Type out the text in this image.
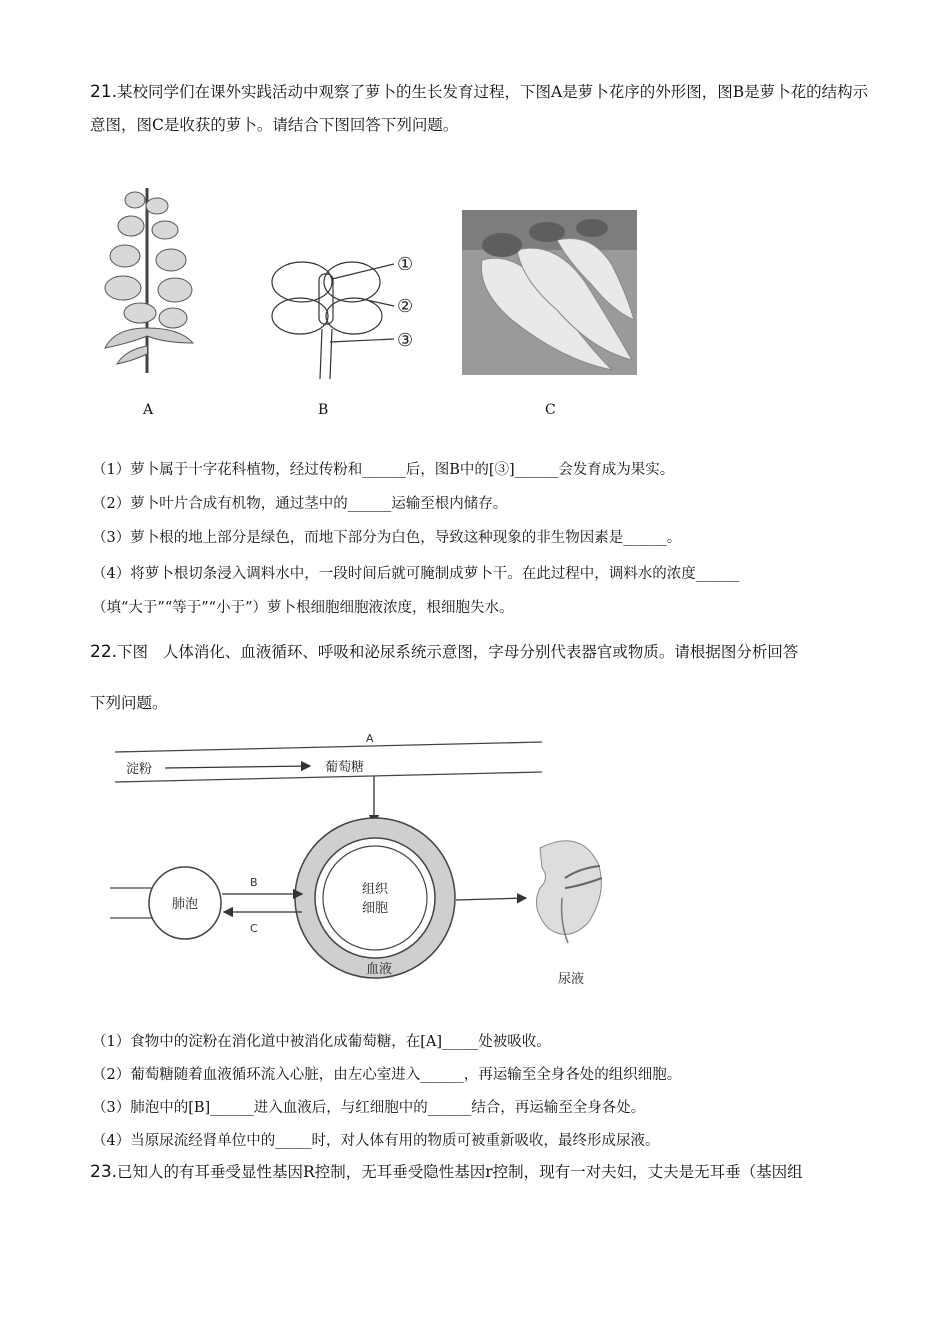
21.某校同学们在课外实践活动中观察了萝卜的生长发育过程，下图A是萝卜花序的外形图，图B是萝卜花的结构示意图，图C是收获的萝卜。请结合下图回答下列问题。
A
①
②
③
B	C
（1）萝卜属于十字花科植物，经过传粉和______后，图B中的[③]______会发育成为果实。
（2）萝卜叶片合成有机物，通过茎中的______运输至根内储存。
（3）萝卜根的地上部分是绿色，而地下部分为白色，导致这种现象的非生物因素是______。
（4）将萝卜根切条浸入调料水中，一段时间后就可腌制成萝卜干。在此过程中，调料水的浓度______
（填“大于”“等于”“小于”）萝卜根细胞细胞液浓度，根细胞失水。
22.下图   人体消化、血液循环、呼吸和泌尿系统示意图，字母分别代表器官或物质。请根据图分析回答
下列问题。
A
淀粉	葡萄糖
组织
细胞
血液
肺泡
B
C
尿液
（1）食物中的淀粉在消化道中被消化成葡萄糖，在[A]_____处被吸收。
（2）葡萄糖随着血液循环流入心脏，由左心室进入______，再运输至全身各处的组织细胞。
（3）肺泡中的[B]______进入血液后，与红细胞中的______结合，再运输至全身各处。
（4）当原尿流经肾单位中的_____时，对人体有用的物质可被重新吸收，最终形成尿液。
23.已知人的有耳垂受显性基因R控制，无耳垂受隐性基因r控制，现有一对夫妇，丈夫是无耳垂（基因组
